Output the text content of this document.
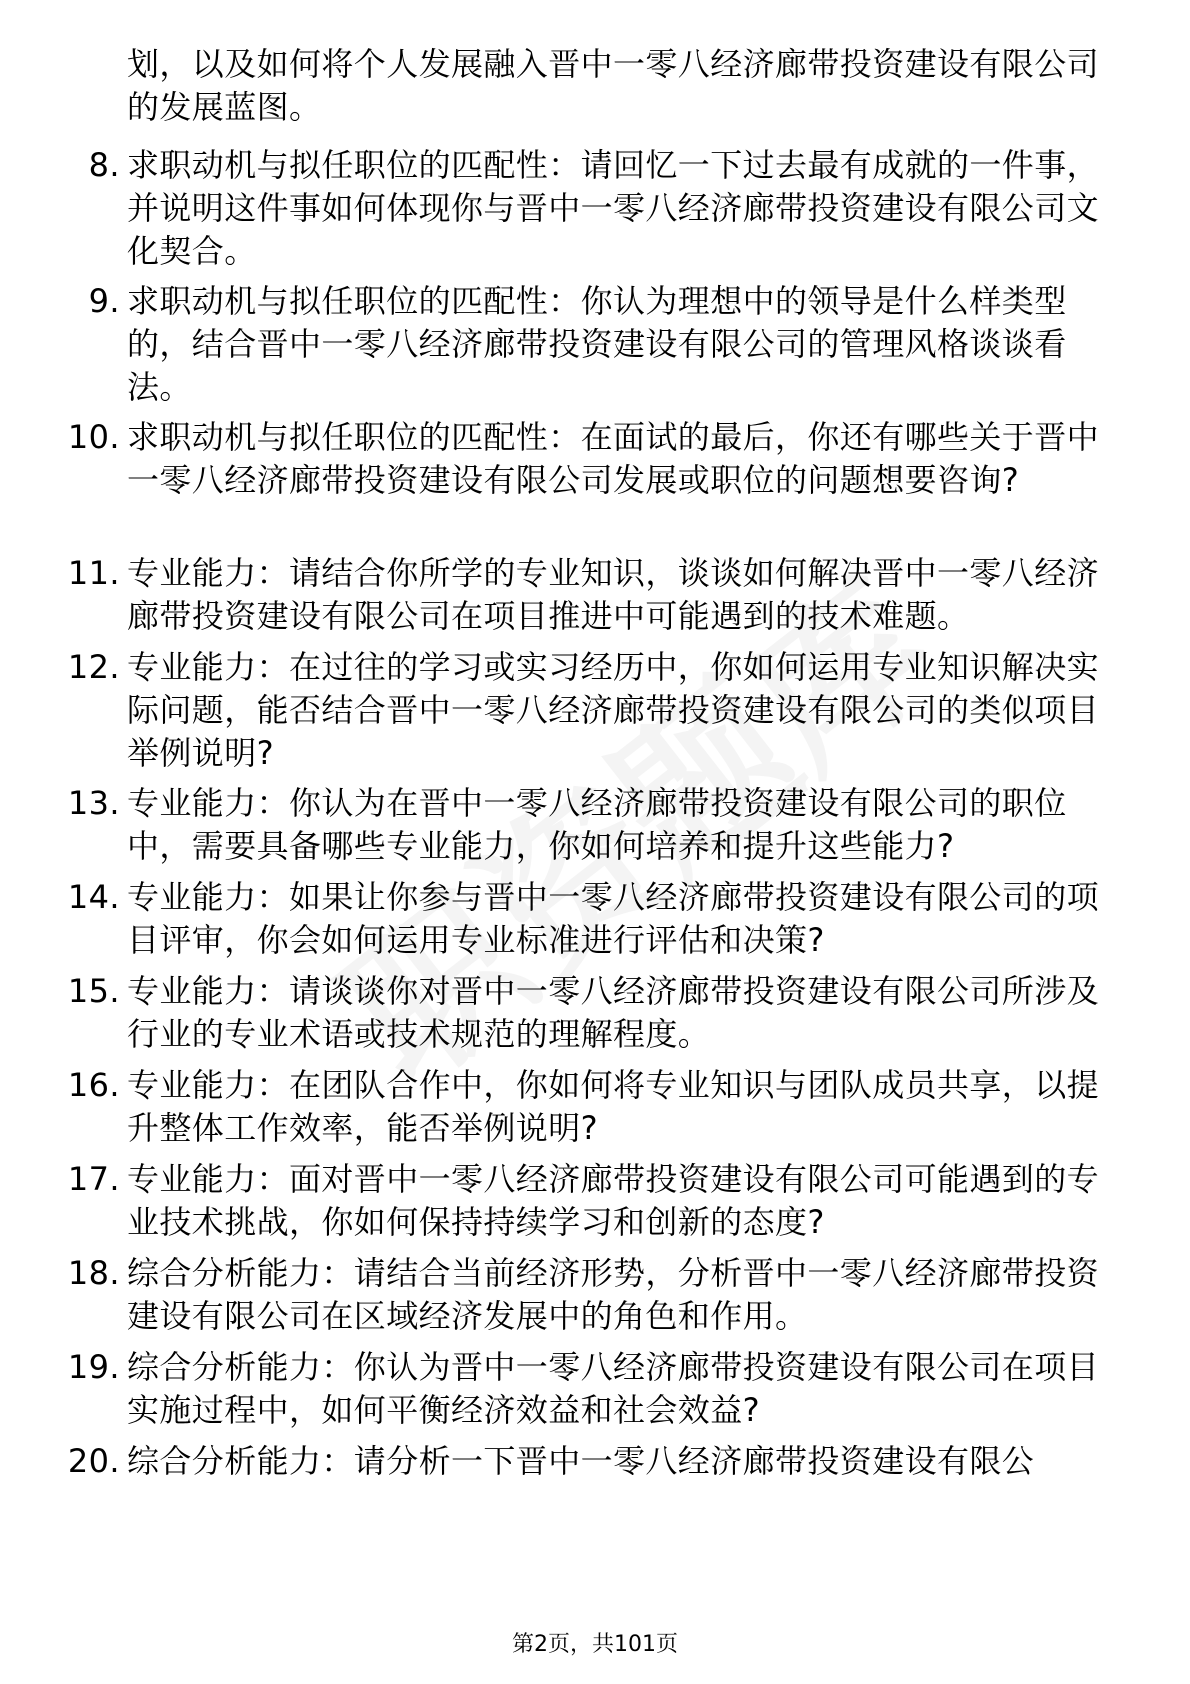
划，以及如何将个人发展融入晋中一零八经济廊带投资建设有限公司的发展蓝图。
8. 求职动机与拟任职位的匹配性：请回忆一下过去最有成就的一件事，并说明这件事如何体现你与晋中一零八经济廊带投资建设有限公司文化契合。
9. 求职动机与拟任职位的匹配性：你认为理想中的领导是什么样类型的，结合晋中一零八经济廊带投资建设有限公司的管理风格谈谈看法。
10. 求职动机与拟任职位的匹配性：在面试的最后，你还有哪些关于晋中一零八经济廊带投资建设有限公司发展或职位的问题想要咨询?
11. 专业能力：请结合你所学的专业知识，谈谈如何解决晋中一零八经济廊带投资建设有限公司在项目推进中可能遇到的技术难题。
12. 专业能力：在过往的学习或实习经历中，你如何运用专业知识解决实际问题，能否结合晋中一零八经济廊带投资建设有限公司的类似项目举例说明?
13. 专业能力：你认为在晋中一零八经济廊带投资建设有限公司的职位中，需要具备哪些专业能力，你如何培养和提升这些能力?
14. 专业能力：如果让你参与晋中一零八经济廊带投资建设有限公司的项目评审，你会如何运用专业标准进行评估和决策?
15. 专业能力：请谈谈你对晋中一零八经济廊带投资建设有限公司所涉及行业的专业术语或技术规范的理解程度。
16. 专业能力：在团队合作中，你如何将专业知识与团队成员共享，以提升整体工作效率，能否举例说明?
17. 专业能力：面对晋中一零八经济廊带投资建设有限公司可能遇到的专业技术挑战，你如何保持持续学习和创新的态度?
18. 综合分析能力：请结合当前经济形势，分析晋中一零八经济廊带投资建设有限公司在区域经济发展中的角色和作用。
19. 综合分析能力：你认为晋中一零八经济廊带投资建设有限公司在项目实施过程中，如何平衡经济效益和社会效益?
20. 综合分析能力：请分析一下晋中一零八经济廊带投资建设有限公
第2页，共101页
